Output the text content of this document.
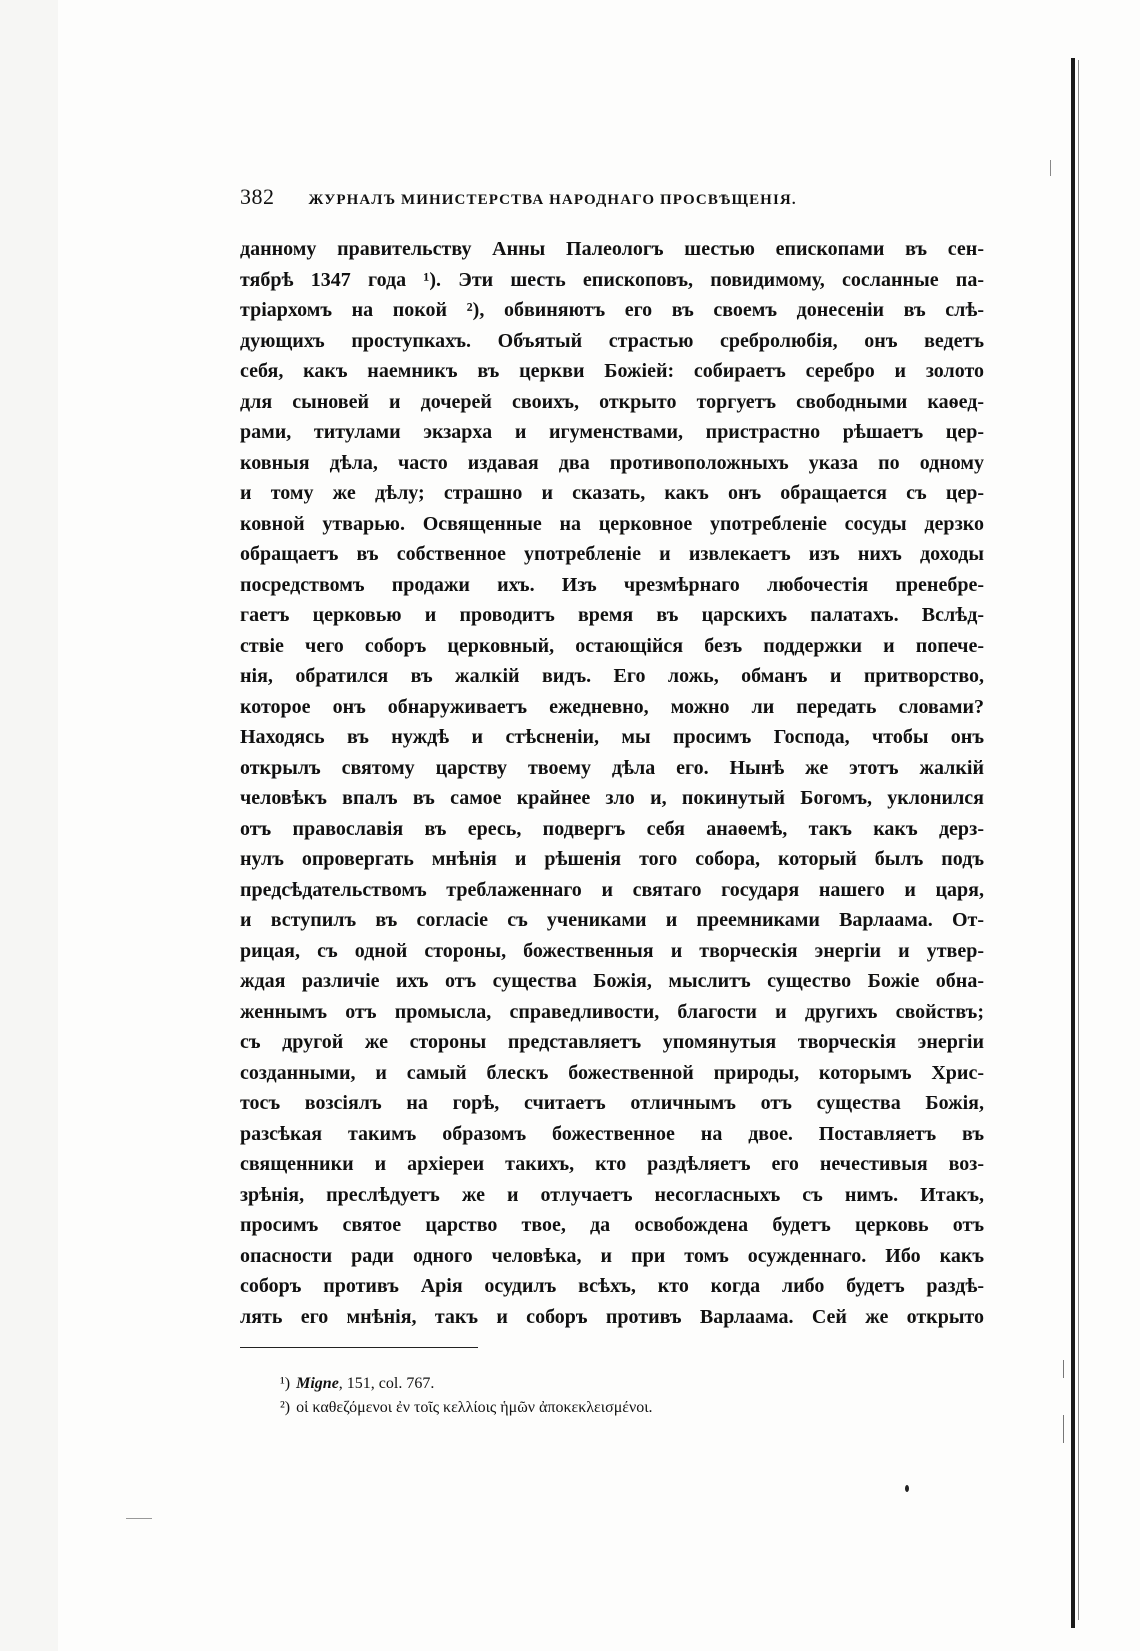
382 ЖУРНАЛЪ МИНИСТЕРСТВА НАРОДНАГО ПРОСВѢЩЕНІЯ.
данному правительству Анны Палеологъ шестью епископами въ сен-
тябрѣ 1347 года ¹). Эти шесть епископовъ, повидимому, сосланные па-
тріархомъ на покой ²), обвиняютъ его въ своемъ донесеніи въ слѣ-
дующихъ проступкахъ. Объятый страстью сребролюбія, онъ ведетъ
себя, какъ наемникъ въ церкви Божіей: собираетъ серебро и золото
для сыновей и дочерей своихъ, открыто торгуетъ свободными каѳед-
рами, титулами экзарха и игуменствами, пристрастно рѣшаетъ цер-
ковныя дѣла, часто издавая два противоположныхъ указа по одному
и тому же дѣлу; страшно и сказать, какъ онъ обращается съ цер-
ковной утварью. Освященные на церковное употребленіе сосуды дерзко
обращаетъ въ собственное употребленіе и извлекаетъ изъ нихъ доходы
посредствомъ продажи ихъ. Изъ чрезмѣрнаго любочестія пренебре-
гаетъ церковью и проводитъ время въ царскихъ палатахъ. Вслѣд-
ствіе чего соборъ церковный, остающійся безъ поддержки и попече-
нія, обратился въ жалкій видъ. Его ложь, обманъ и притворство,
которое онъ обнаруживаетъ ежедневно, можно ли передать словами?
Находясь въ нуждѣ и стѣсненіи, мы просимъ Господа, чтобы онъ
открылъ святому царству твоему дѣла его. Нынѣ же этотъ жалкій
человѣкъ впалъ въ самое крайнее зло и, покинутый Богомъ, уклонился
отъ православія въ ересь, подвергъ себя анаѳемѣ, такъ какъ дерз-
нулъ опровергать мнѣнія и рѣшенія того собора, который былъ подъ
предсѣдательствомъ треблаженнаго и святаго государя нашего и царя,
и вступилъ въ согласіе съ учениками и преемниками Варлаама. От-
рицая, съ одной стороны, божественныя и творческія энергіи и утвер-
ждая различіе ихъ отъ существа Божія, мыслитъ существо Божіе обна-
женнымъ отъ промысла, справедливости, благости и другихъ свойствъ;
съ другой же стороны представляетъ упомянутыя творческія энергіи
созданными, и самый блескъ божественной природы, которымъ Хрис-
тосъ возсіялъ на горѣ, считаетъ отличнымъ отъ существа Божія,
разсѣкая такимъ образомъ божественное на двое. Поставляетъ въ
священники и архіереи такихъ, кто раздѣляетъ его нечестивыя воз-
зрѣнія, преслѣдуетъ же и отлучаетъ несогласныхъ съ нимъ. Итакъ,
просимъ святое царство твое, да освобождена будетъ церковь отъ
опасности ради одного человѣка, и при томъ осужденнаго. Ибо какъ
соборъ противъ Арія осудилъ всѣхъ, кто когда либо будетъ раздѣ-
лять его мнѣнія, такъ и соборъ противъ Варлаама. Сей же открыто
¹) Migne, 151, col. 767.
²) οἱ καθεζόμενοι ἐν τοῖς κελλίοις ἡμῶν ἀποκεκλεισμένοι.
